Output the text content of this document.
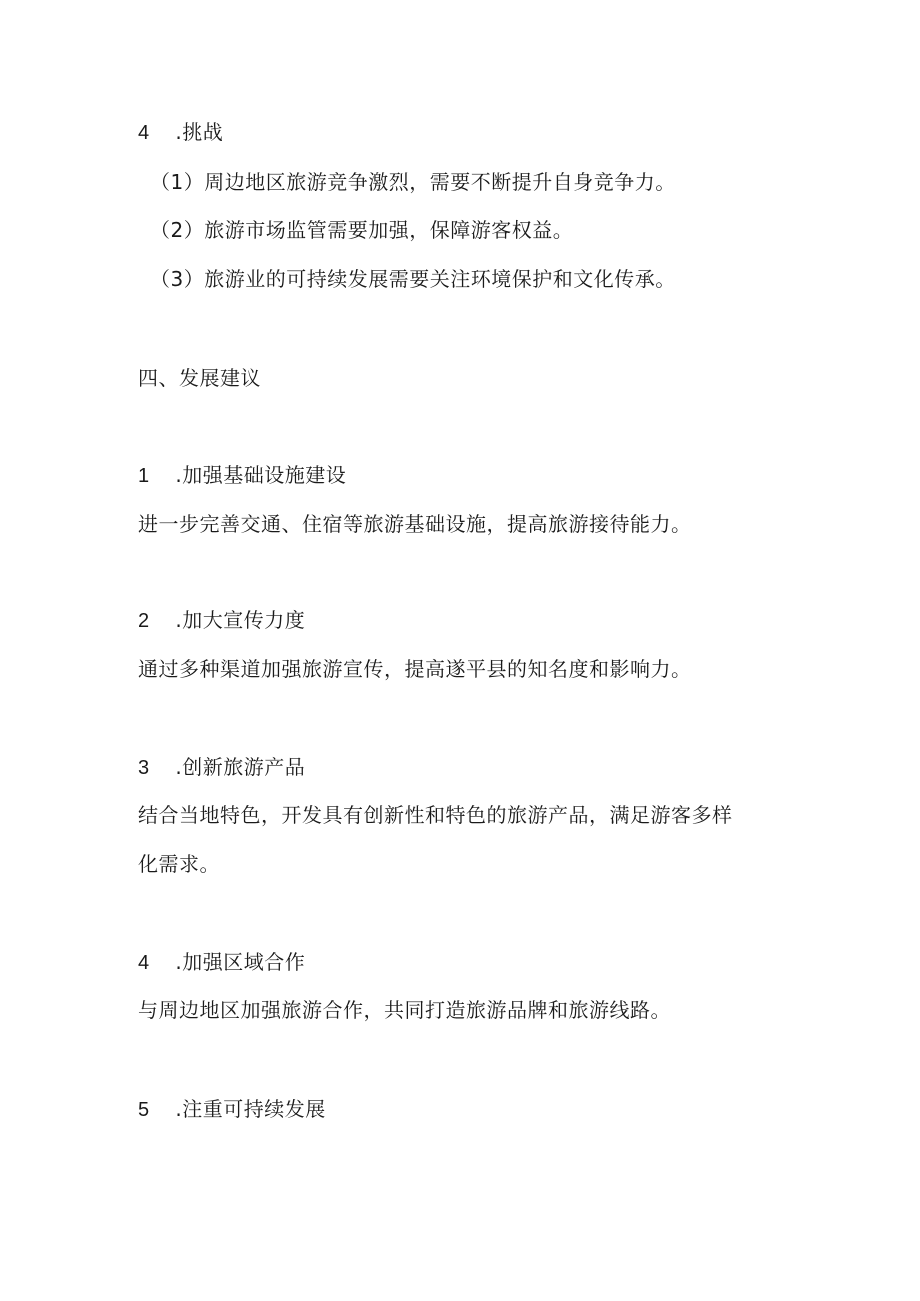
4 .挑战
（1）周边地区旅游竞争激烈，需要不断提升自身竞争力。
（2）旅游市场监管需要加强，保障游客权益。
（3）旅游业的可持续发展需要关注环境保护和文化传承。
四、发展建议
1 .加强基础设施建设
进一步完善交通、住宿等旅游基础设施，提高旅游接待能力。
2 .加大宣传力度
通过多种渠道加强旅游宣传，提高遂平县的知名度和影响力。
3 .创新旅游产品
结合当地特色，开发具有创新性和特色的旅游产品，满足游客多样
化需求。
4 .加强区域合作
与周边地区加强旅游合作，共同打造旅游品牌和旅游线路。
5 .注重可持续发展
